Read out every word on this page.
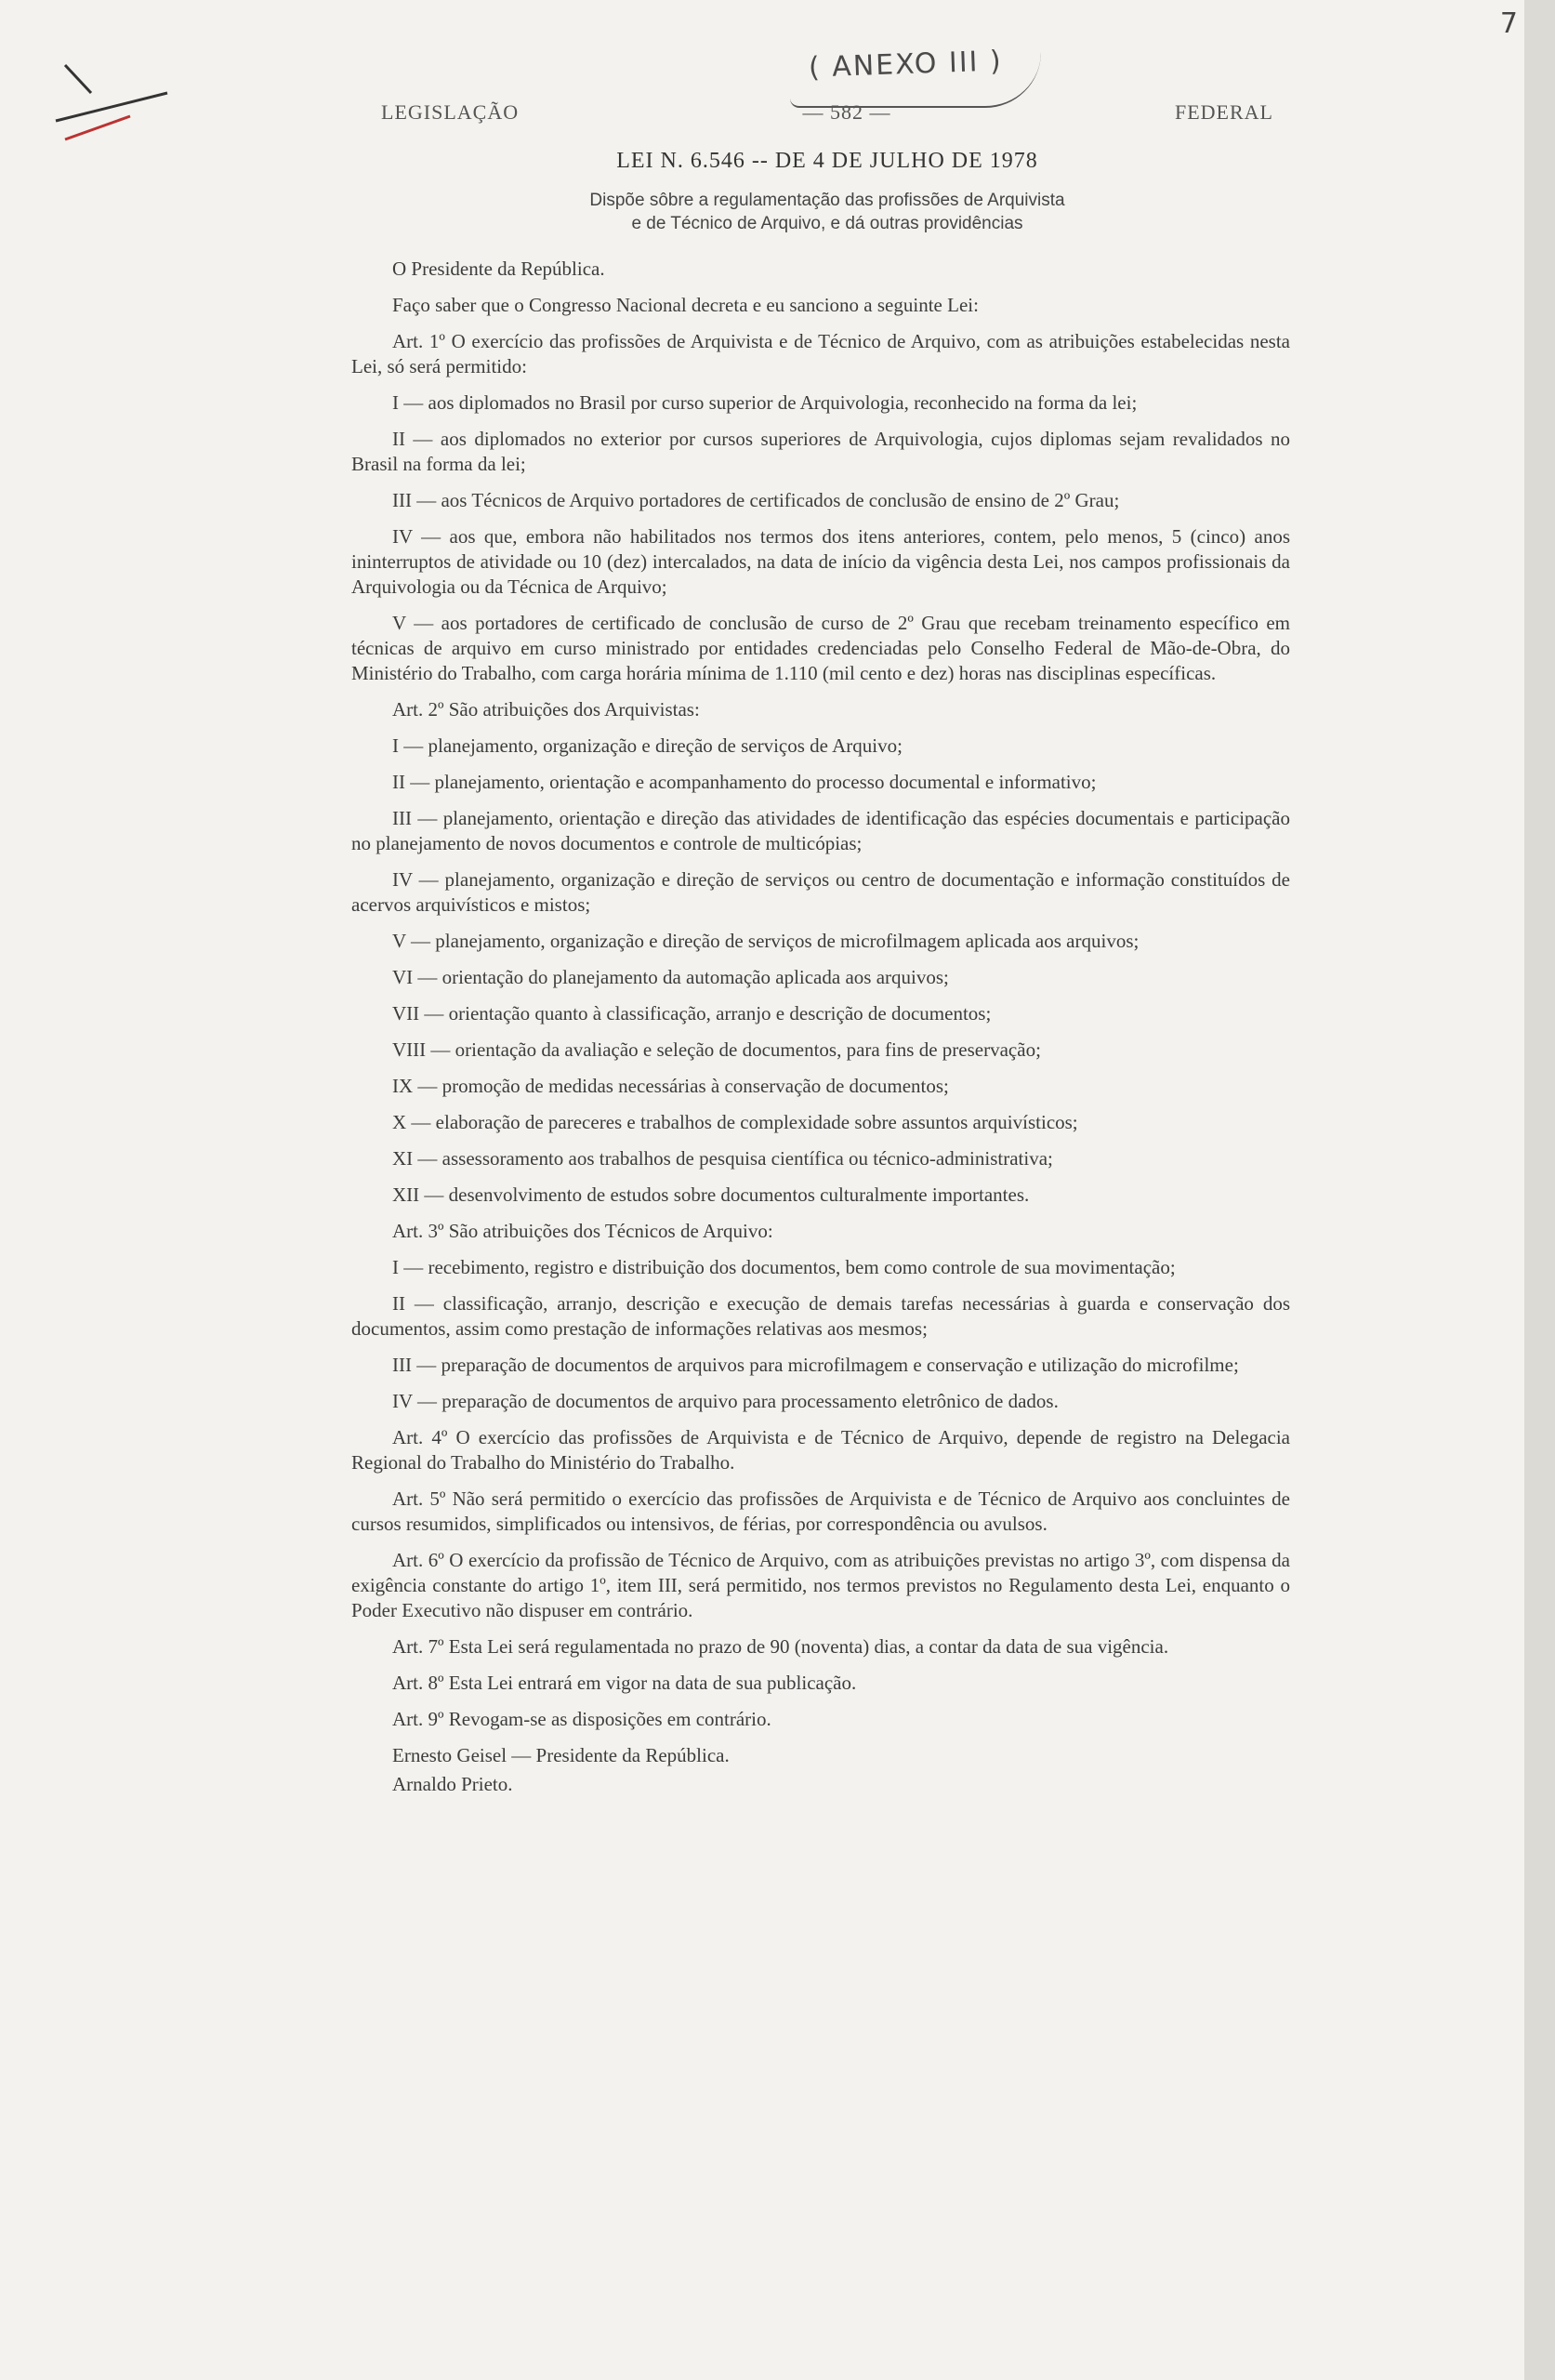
( ANEXO III )
7
LEGISLAÇÃO	— 582 —	FEDERAL
LEI N. 6.546 -- DE 4 DE JULHO DE 1978
Dispõe sôbre a regulamentação das profissões de Arquivista
e de Técnico de Arquivo, e dá outras providências

O Presidente da República.

Faço saber que o Congresso Nacional decreta e eu sanciono a seguinte Lei:

Art. 1º O exercício das profissões de Arquivista e de Técnico de Arquivo, com as atribuições estabelecidas nesta Lei, só será permitido:

I — aos diplomados no Brasil por curso superior de Arquivologia, reconhecido na forma da lei;

II — aos diplomados no exterior por cursos superiores de Arquivologia, cujos diplomas sejam revalidados no Brasil na forma da lei;

III — aos Técnicos de Arquivo portadores de certificados de conclusão de ensino de 2º Grau;

IV — aos que, embora não habilitados nos termos dos itens anteriores, contem, pelo menos, 5 (cinco) anos ininterruptos de atividade ou 10 (dez) intercalados, na data de início da vigência desta Lei, nos campos profissionais da Arquivologia ou da Técnica de Arquivo;

V — aos portadores de certificado de conclusão de curso de 2º Grau que recebam treinamento específico em técnicas de arquivo em curso ministrado por entidades credenciadas pelo Conselho Federal de Mão-de-Obra, do Ministério do Trabalho, com carga horária mínima de 1.110 (mil cento e dez) horas nas disciplinas específicas.

Art. 2º São atribuições dos Arquivistas:

I — planejamento, organização e direção de serviços de Arquivo;

II — planejamento, orientação e acompanhamento do processo documental e informativo;

III — planejamento, orientação e direção das atividades de identificação das espécies documentais e participação no planejamento de novos documentos e controle de multicópias;

IV — planejamento, organização e direção de serviços ou centro de documentação e informação constituídos de acervos arquivísticos e mistos;

V — planejamento, organização e direção de serviços de microfilmagem aplicada aos arquivos;

VI — orientação do planejamento da automação aplicada aos arquivos;

VII — orientação quanto à classificação, arranjo e descrição de documentos;

VIII — orientação da avaliação e seleção de documentos, para fins de preservação;

IX — promoção de medidas necessárias à conservação de documentos;

X — elaboração de pareceres e trabalhos de complexidade sobre assuntos arquivísticos;

XI — assessoramento aos trabalhos de pesquisa científica ou técnico-administrativa;

XII — desenvolvimento de estudos sobre documentos culturalmente importantes.

Art. 3º São atribuições dos Técnicos de Arquivo:

I — recebimento, registro e distribuição dos documentos, bem como controle de sua movimentação;

II — classificação, arranjo, descrição e execução de demais tarefas necessárias à guarda e conservação dos documentos, assim como prestação de informações relativas aos mesmos;

III — preparação de documentos de arquivos para microfilmagem e conservação e utilização do microfilme;

IV — preparação de documentos de arquivo para processamento eletrônico de dados.

Art. 4º O exercício das profissões de Arquivista e de Técnico de Arquivo, depende de registro na Delegacia Regional do Trabalho do Ministério do Trabalho.

Art. 5º Não será permitido o exercício das profissões de Arquivista e de Técnico de Arquivo aos concluintes de cursos resumidos, simplificados ou intensivos, de férias, por correspondência ou avulsos.

Art. 6º O exercício da profissão de Técnico de Arquivo, com as atribuições previstas no artigo 3º, com dispensa da exigência constante do artigo 1º, item III, será permitido, nos termos previstos no Regulamento desta Lei, enquanto o Poder Executivo não dispuser em contrário.

Art. 7º Esta Lei será regulamentada no prazo de 90 (noventa) dias, a contar da data de sua vigência.

Art. 8º Esta Lei entrará em vigor na data de sua publicação.

Art. 9º Revogam-se as disposições em contrário.

Ernesto Geisel — Presidente da República.

Arnaldo Prieto.
